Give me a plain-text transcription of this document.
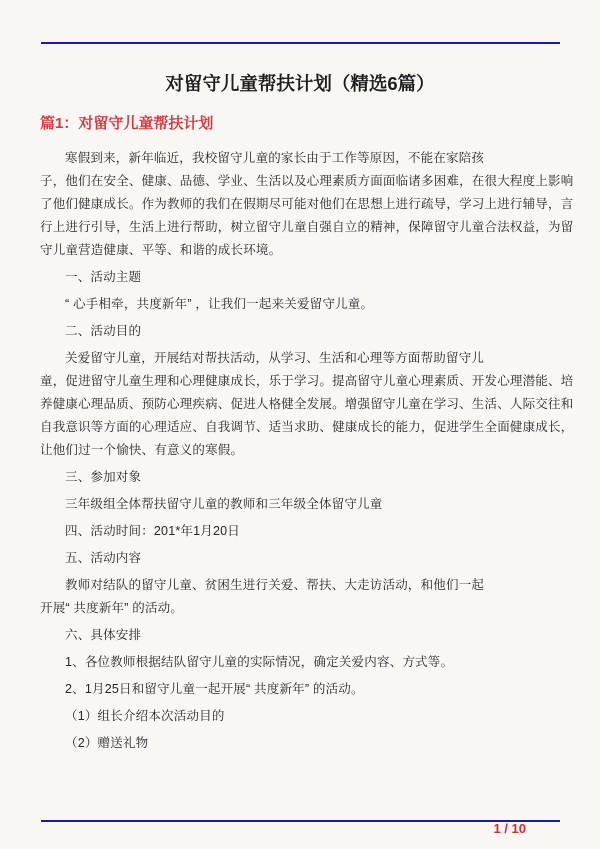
对留守儿童帮扶计划（精选6篇）
篇1：对留守儿童帮扶计划
寒假到来，新年临近，我校留守儿童的家长由于工作等原因，不能在家陪孩
子，他们在安全、健康、品德、学业、生活以及心理素质方面面临诸多困难，在很大程度上影响
了他们健康成长。作为教师的我们在假期尽可能对他们在思想上进行疏导，学习上进行辅导，言
行上进行引导，生活上进行帮助，树立留守儿童自强自立的精神，保障留守儿童合法权益，为留
守儿童营造健康、平等、和谐的成长环境。
一、活动主题
“ 心手相牵，共度新年” ，让我们一起来关爱留守儿童。
二、活动目的
关爱留守儿童，开展结对帮扶活动，从学习、生活和心理等方面帮助留守儿
童，促进留守儿童生理和心理健康成长，乐于学习。提高留守儿童心理素质、开发心理潜能、培
养健康心理品质、预防心理疾病、促进人格健全发展。增强留守儿童在学习、生活、人际交往和
自我意识等方面的心理适应、自我调节、适当求助、健康成长的能力，促进学生全面健康成长，
让他们过一个愉快、有意义的寒假。
三、参加对象
三年级组全体帮扶留守儿童的教师和三年级全体留守儿童
四、活动时间：201*年1月20日
五、活动内容
教师对结队的留守儿童、贫困生进行关爱、帮扶、大走访活动，和他们一起
开展“ 共度新年” 的活动。
六、具体安排
1、各位教师根据结队留守儿童的实际情况，确定关爱内容、方式等。
2、1月25日和留守儿童一起开展“ 共度新年” 的活动。
（1）组长介绍本次活动目的
（2）赠送礼物
1 / 10
